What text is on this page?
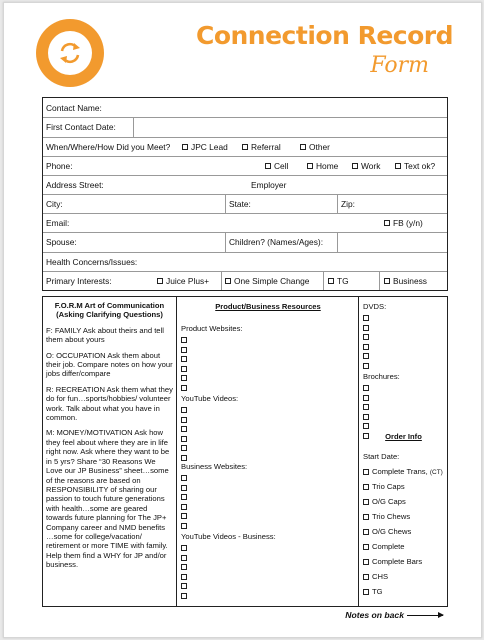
Connection Record
Form
Contact Name:
First Contact Date:
When/Where/How Did you Meet? JPC Lead	Referral	Other
Phone:	Cell	Home	Work	Text ok?
Address Street:	Employer
City:	State:	Zip:
Email:	FB (y/n)
Spouse:	Children? (Names/Ages):
Health Concerns/Issues:
Primary Interests:	Juice Plus+	One Simple Change	TG	Business
F.O.R.M Art of Communication
(Asking Clarifying Questions)
F: FAMILY Ask about theirs and tell them about yours
O: OCCUPATION Ask them about their job. Compare notes on how your jobs differ/compare
R: RECREATION Ask them what they do for fun…sports/hobbies/ volunteer work. Talk about what you have in common.
M: MONEY/MOTIVATION Ask how they feel about where they are in life right now. Ask where they want to be in 5 yrs? Share “30 Reasons We Love our JP Business” sheet…some of the reasons are based on RESPONSIBILITY of sharing our passion to touch future generations with health…some are geared towards future planning for The JP+ Company career and NMD benefits …some for college/vacation/ retirement or more TIME with family. Help them find a WHY for JP and/or business.
Product/Business Resources
Product Websites:
YouTube Videos:
Business Websites:
YouTube Videos - Business:
DVDS:
Brochures:
Order Info
Start Date:
Complete Trans, (CT)
Trio Caps
O/G Caps
Trio Chews
O/G Chews
Complete
Complete Bars
CHS
TG
Notes on back
